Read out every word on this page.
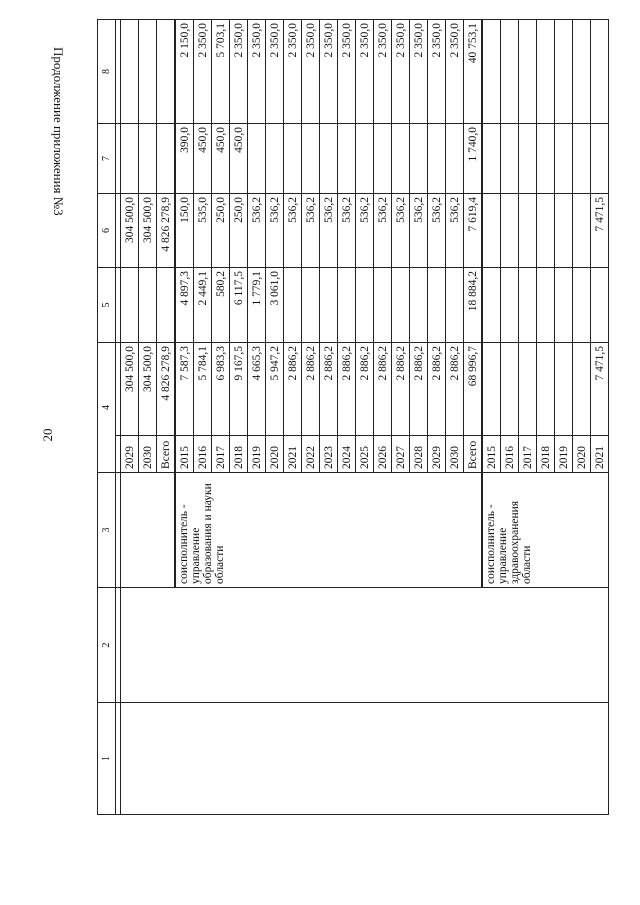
20
Продолжение приложения №3
1	2	3	4		5	6	7	8

			2029	304 500,0		304 500,0		
			2030	304 500,0		304 500,0		
			Всего	4 826 278,9		4 826 278,9		
		соисполнитель - управление образования и науки области	2015	7 587,3	4 897,3	150,0	390,0	2 150,0
			2016	5 784,1	2 449,1	535,0	450,0	2 350,0
			2017	6 983,3	580,2	250,0	450,0	5 703,1
			2018	9 167,5	6 117,5	250,0	450,0	2 350,0
			2019	4 665,3	1 779,1	536,2		2 350,0
			2020	5 947,2	3 061,0	536,2		2 350,0
			2021	2 886,2		536,2		2 350,0
			2022	2 886,2		536,2		2 350,0
			2023	2 886,2		536,2		2 350,0
			2024	2 886,2		536,2		2 350,0
			2025	2 886,2		536,2		2 350,0
			2026	2 886,2		536,2		2 350,0
			2027	2 886,2		536,2		2 350,0
			2028	2 886,2		536,2		2 350,0
			2029	2 886,2		536,2		2 350,0
			2030	2 886,2		536,2		2 350,0
			Всего	68 996,7	18 884,2	7 619,4	1 740,0	40 753,1
		соисполнитель - управление здравоохранения области	2015					
			2016					
			2017					
			2018					
			2019					
			2020					
			2021	7 471,5		7 471,5		
